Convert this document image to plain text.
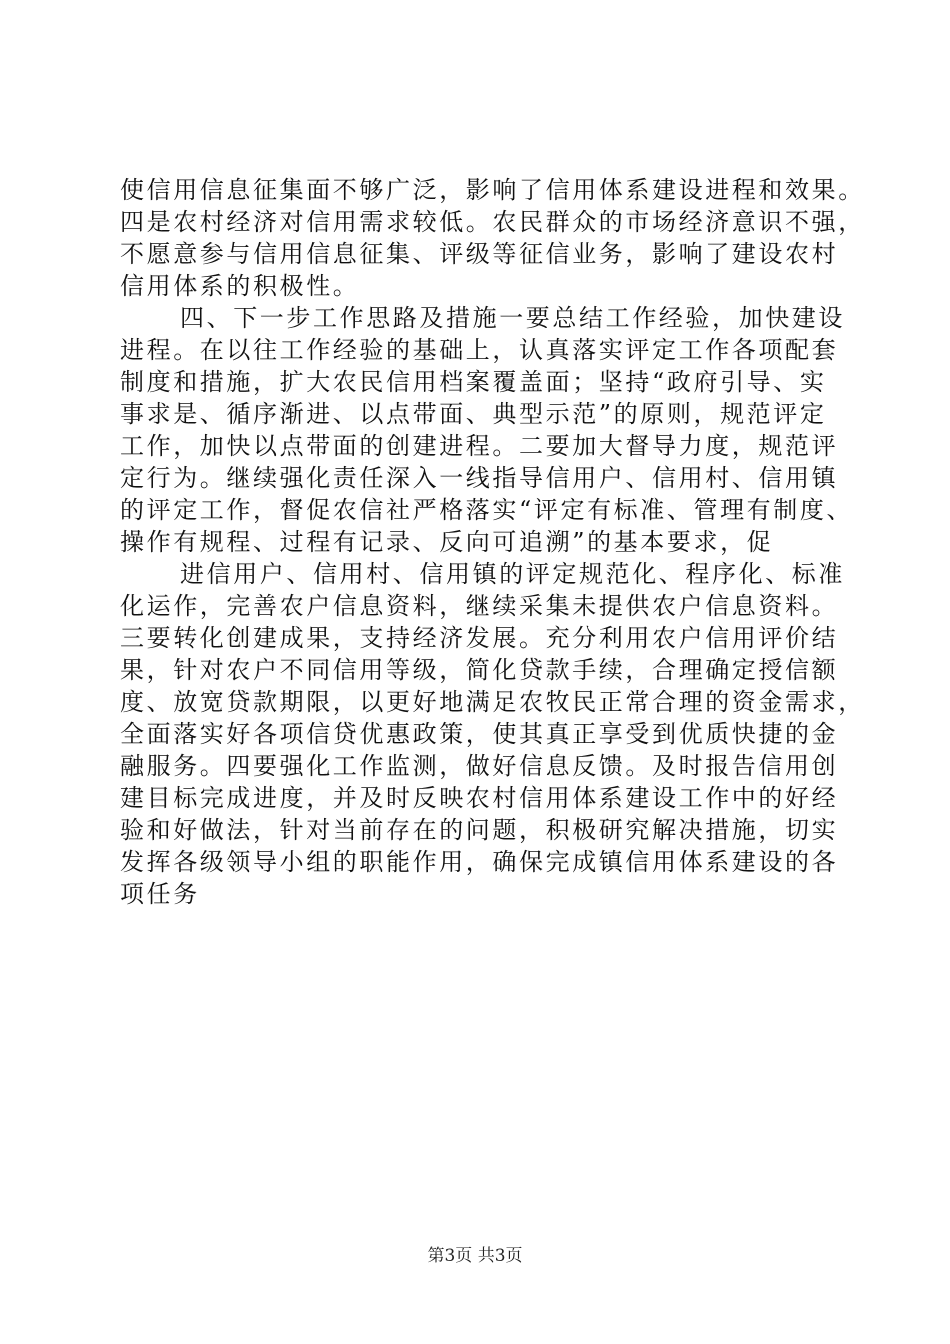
使信用信息征集面不够广泛，影响了信用体系建设进程和效果。
四是农村经济对信用需求较低。农民群众的市场经济意识不强，
不愿意参与信用信息征集、评级等征信业务，影响了建设农村
信用体系的积极性。
四、下一步工作思路及措施一要总结工作经验，加快建设
进程。在以往工作经验的基础上，认真落实评定工作各项配套
制度和措施，扩大农民信用档案覆盖面；坚持“政府引导、实
事求是、循序渐进、以点带面、典型示范”的原则，规范评定
工作，加快以点带面的创建进程。二要加大督导力度，规范评
定行为。继续强化责任深入一线指导信用户、信用村、信用镇
的评定工作，督促农信社严格落实“评定有标准、管理有制度、
操作有规程、过程有记录、反向可追溯”的基本要求，促
进信用户、信用村、信用镇的评定规范化、程序化、标准
化运作，完善农户信息资料，继续采集未提供农户信息资料。
三要转化创建成果，支持经济发展。充分利用农户信用评价结
果，针对农户不同信用等级，简化贷款手续，合理确定授信额
度、放宽贷款期限，以更好地满足农牧民正常合理的资金需求，
全面落实好各项信贷优惠政策，使其真正享受到优质快捷的金
融服务。四要强化工作监测，做好信息反馈。及时报告信用创
建目标完成进度，并及时反映农村信用体系建设工作中的好经
验和好做法，针对当前存在的问题，积极研究解决措施，切实
发挥各级领导小组的职能作用，确保完成镇信用体系建设的各
项任务
第3页 共3页
